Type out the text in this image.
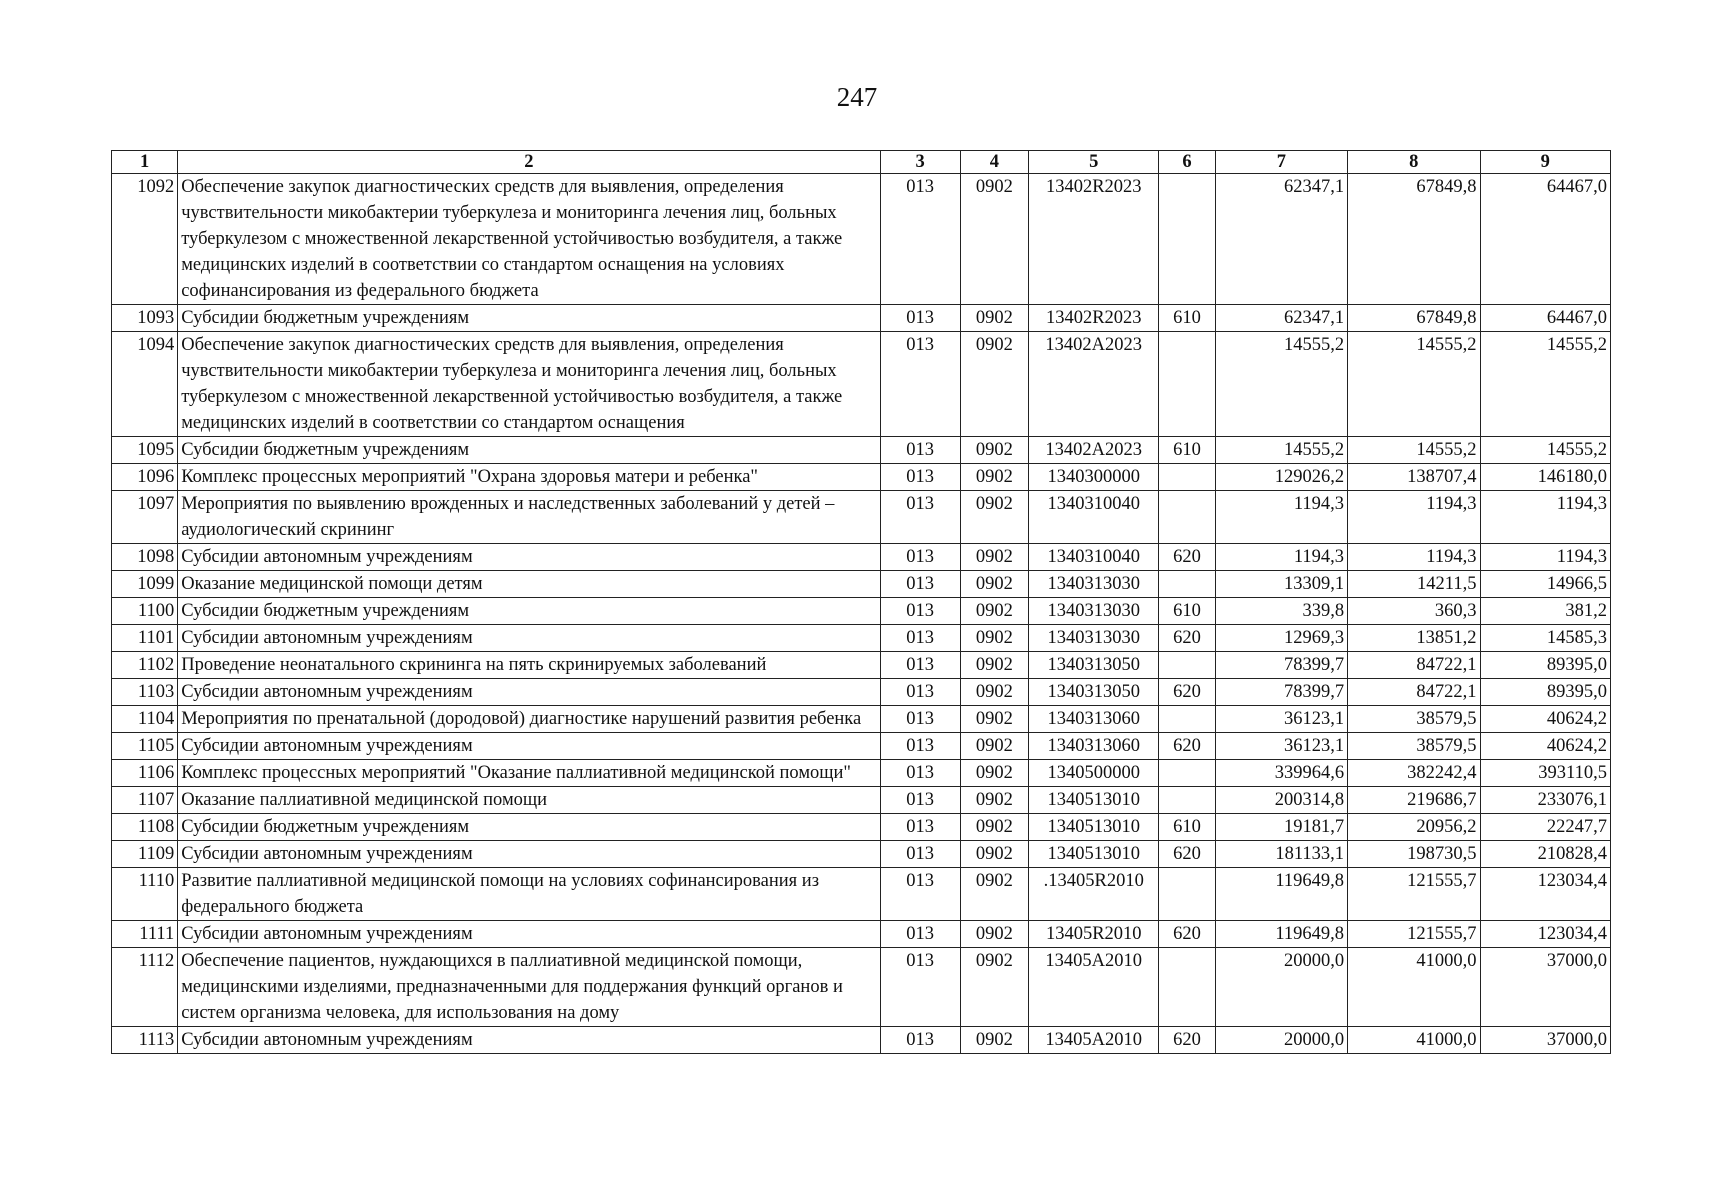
247
1	2	3	4	5	6	7	8	9
1092	Обеспечение закупок диагностических средств для выявления, определения чувствительности микобактерии туберкулеза и мониторинга лечения лиц, больных туберкулезом с множественной лекарственной устойчивостью возбудителя, а также медицинских изделий в соответствии со стандартом оснащения на условиях софинансирования из федерального бюджета	013	0902	13402R2023		62347,1	67849,8	64467,0
1093	Субсидии бюджетным учреждениям	013	0902	13402R2023	610	62347,1	67849,8	64467,0
1094	Обеспечение закупок диагностических средств для выявления, определения чувствительности микобактерии туберкулеза и мониторинга лечения лиц, больных туберкулезом с множественной лекарственной устойчивостью возбудителя, а также медицинских изделий в соответствии со стандартом оснащения	013	0902	13402A2023		14555,2	14555,2	14555,2
1095	Субсидии бюджетным учреждениям	013	0902	13402A2023	610	14555,2	14555,2	14555,2
1096	Комплекс процессных мероприятий "Охрана здоровья матери и ребенка"	013	0902	1340300000		129026,2	138707,4	146180,0
1097	Мероприятия по выявлению врожденных и наследственных заболеваний у детей – аудиологический скрининг	013	0902	1340310040		1194,3	1194,3	1194,3
1098	Субсидии автономным учреждениям	013	0902	1340310040	620	1194,3	1194,3	1194,3
1099	Оказание медицинской помощи детям	013	0902	1340313030		13309,1	14211,5	14966,5
1100	Субсидии бюджетным учреждениям	013	0902	1340313030	610	339,8	360,3	381,2
1101	Субсидии автономным учреждениям	013	0902	1340313030	620	12969,3	13851,2	14585,3
1102	Проведение неонатального скрининга на пять скринируемых заболеваний	013	0902	1340313050		78399,7	84722,1	89395,0
1103	Субсидии автономным учреждениям	013	0902	1340313050	620	78399,7	84722,1	89395,0
1104	Мероприятия по пренатальной (дородовой) диагностике нарушений развития ребенка	013	0902	1340313060		36123,1	38579,5	40624,2
1105	Субсидии автономным учреждениям	013	0902	1340313060	620	36123,1	38579,5	40624,2
1106	Комплекс процессных мероприятий "Оказание паллиативной медицинской помощи"	013	0902	1340500000		339964,6	382242,4	393110,5
1107	Оказание паллиативной медицинской помощи	013	0902	1340513010		200314,8	219686,7	233076,1
1108	Субсидии бюджетным учреждениям	013	0902	1340513010	610	19181,7	20956,2	22247,7
1109	Субсидии автономным учреждениям	013	0902	1340513010	620	181133,1	198730,5	210828,4
1110	Развитие паллиативной медицинской помощи на условиях софинансирования из федерального бюджета	013	0902	.13405R2010		119649,8	121555,7	123034,4
1111	Субсидии автономным учреждениям	013	0902	13405R2010	620	119649,8	121555,7	123034,4
1112	Обеспечение пациентов, нуждающихся в паллиативной медицинской помощи, медицинскими изделиями, предназначенными для поддержания функций органов и систем организма человека, для использования на дому	013	0902	13405A2010		20000,0	41000,0	37000,0
1113	Субсидии автономным учреждениям	013	0902	13405A2010	620	20000,0	41000,0	37000,0
